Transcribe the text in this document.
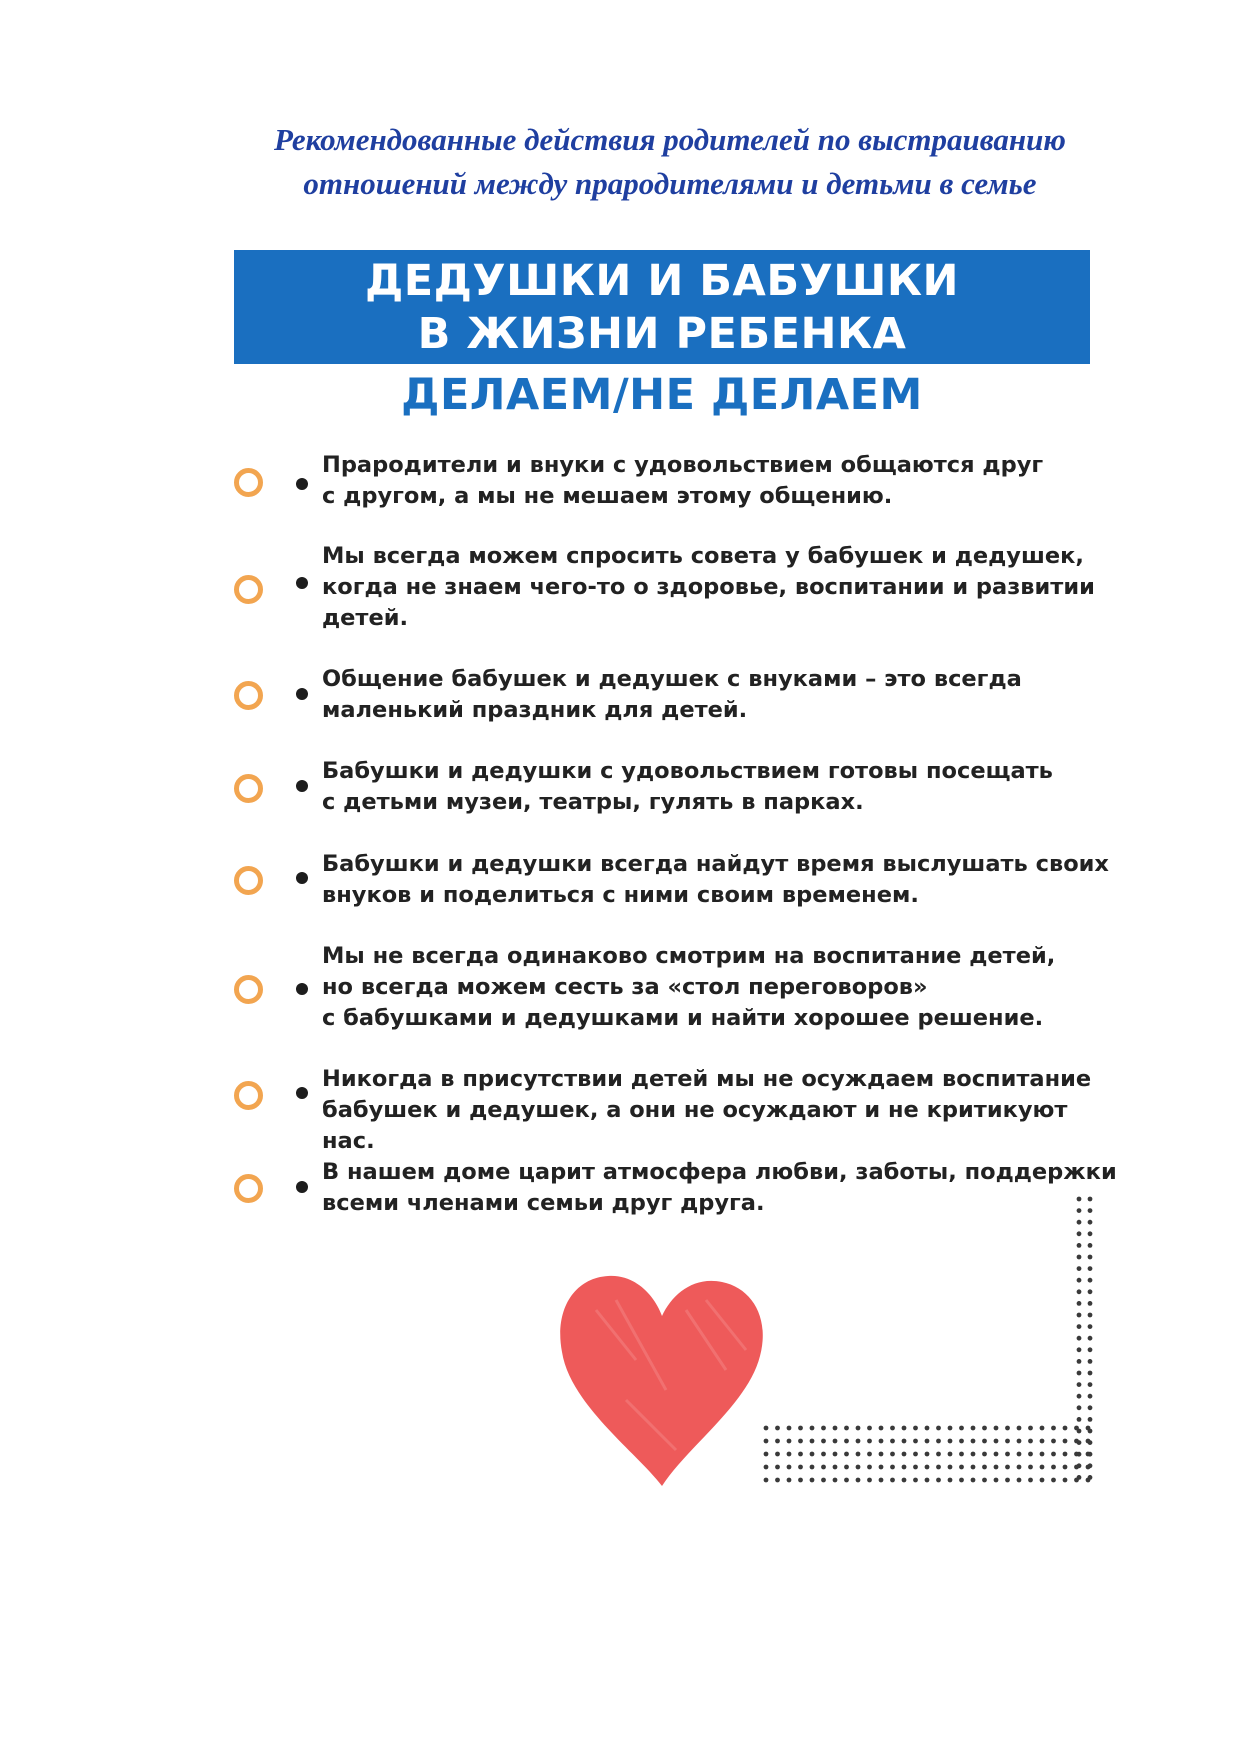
Рекомендованные действия родителей по выстраиванию
отношений между прародителями и детьми в семье
ДЕДУШКИ И БАБУШКИ
В ЖИЗНИ РЕБЕНКА
ДЕЛАЕМ/НЕ ДЕЛАЕМ
Прародители и внуки с удовольствием общаются друг
с другом, а мы не мешаем этому общению.
Мы всегда можем спросить совета у бабушек и дедушек,
когда не знаем чего-то о здоровье, воспитании и развитии
детей.
Общение бабушек и дедушек с внуками – это всегда
маленький праздник для детей.
Бабушки и дедушки с удовольствием готовы посещать
с детьми музеи, театры, гулять в парках.
Бабушки и дедушки всегда найдут время выслушать своих
внуков и поделиться с ними своим временем.
Мы не всегда одинаково смотрим на воспитание детей,
но всегда можем сесть за «стол переговоров»
с бабушками и дедушками и найти хорошее решение.
Никогда в присутствии детей мы не осуждаем воспитание
бабушек и дедушек, а они не осуждают и не критикуют нас.
В нашем доме царит атмосфера любви, заботы, поддержки
всеми членами семьи друг друга.
